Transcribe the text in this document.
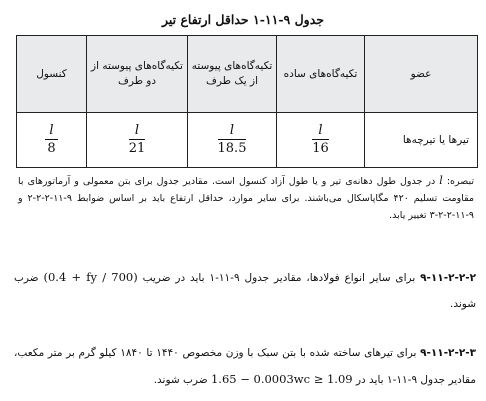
جدول ۹-۱۱-۱ حداقل ارتفاع تیر
عضو	تکیه‌گاه‌های ساده	تکیه‌گاه‌های پیوسته از یک طرف	تکیه‌گاه‌های پیوسته از دو طرف	کنسول
تیرها یا تیرچه‌ها	$\frac{l}{16}$	$\frac{l}{18.5}$	$\frac{l}{21}$	$\frac{l}{8}$
تبصره: l در جدول طول دهانه‌ی تیر و یا طول آزاد کنسول است. مقادیر جدول برای بتن معمولی و آرماتورهای با مقاومت تسلیم ۴۲۰ مگاپاسکال می‌باشند. برای سایر موارد، حداقل ارتفاع باید بر اساس ضوابط ۹-۱۱-۲-۲-۲ و ۹-۱۱-۲-۲-۳ تغییر یابد.
۹-۱۱-۲-۲-۲ برای سایر انواع فولادها، مقادیر جدول ۹-۱۱-۱ باید در ضریب (0.4 + fy / 700) ضرب شوند.
۹-۱۱-۲-۲-۳ برای تیرهای ساخته شده با بتن سبک با وزن مخصوص ۱۴۴۰ تا ۱۸۴۰ کیلو گرم بر متر مکعب، مقادیر جدول ۹-۱۱-۱ باید در 1.65 − 0.0003wc ≥ 1.09 ضرب شوند.
